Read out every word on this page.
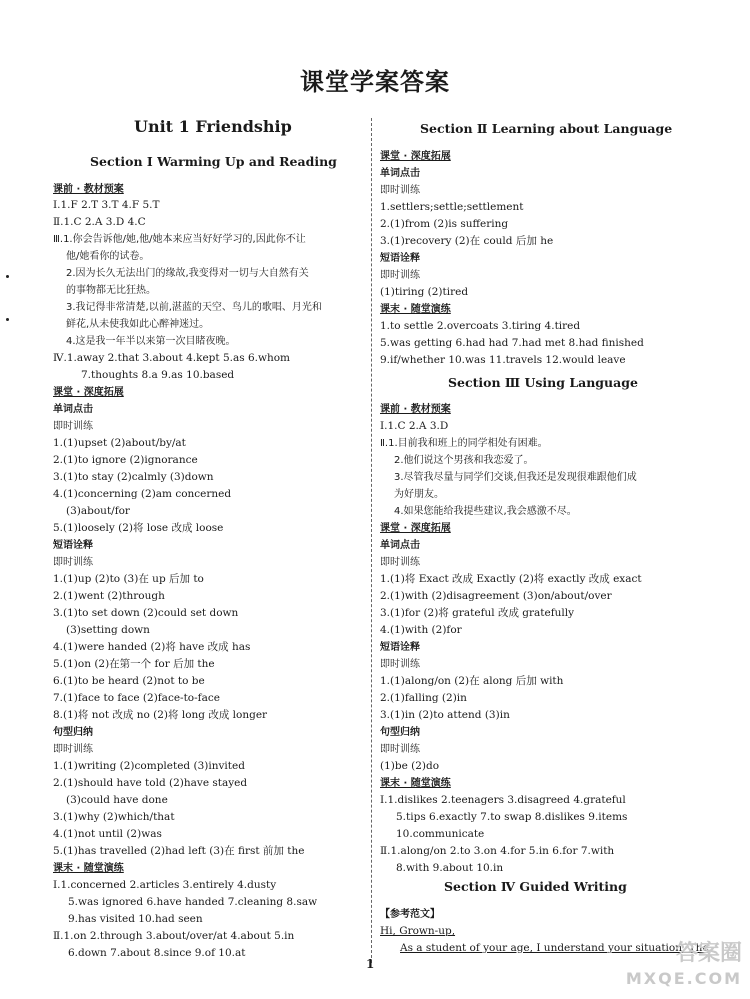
课堂学案答案
Unit 1 Friendship
Section Ⅰ Warming Up and Reading
课前 · 教材预案
Ⅰ.1.F 2.T 3.T 4.F 5.T
Ⅱ.1.C 2.A 3.D 4.C
Ⅲ.1.你会告诉他/她,他/她本来应当好好学习的,因此你不让
他/她看你的试卷。
2.因为长久无法出门的缘故,我变得对一切与大自然有关
的事物都无比狂热。
3.我记得非常清楚,以前,湛蓝的天空、鸟儿的歌唱、月光和
鲜花,从未使我如此心醉神迷过。
4.这是我一年半以来第一次目睹夜晚。
Ⅳ.1.away 2.that 3.about 4.kept 5.as 6.whom
7.thoughts 8.a 9.as 10.based
课堂 · 深度拓展
单词点击
即时训练
1.(1)upset (2)about/by/at
2.(1)to ignore (2)ignorance
3.(1)to stay (2)calmly (3)down
4.(1)concerning (2)am concerned
(3)about/for
5.(1)loosely (2)将 lose 改成 loose
短语诠释
即时训练
1.(1)up (2)to (3)在 up 后加 to
2.(1)went (2)through
3.(1)to set down (2)could set down
(3)setting down
4.(1)were handed (2)将 have 改成 has
5.(1)on (2)在第一个 for 后加 the
6.(1)to be heard (2)not to be
7.(1)face to face (2)face-to-face
8.(1)将 not 改成 no (2)将 long 改成 longer
句型归纳
即时训练
1.(1)writing (2)completed (3)invited
2.(1)should have told (2)have stayed
(3)could have done
3.(1)why (2)which/that
4.(1)not until (2)was
5.(1)has travelled (2)had left (3)在 first 前加 the
课末 · 随堂演练
Ⅰ.1.concerned 2.articles 3.entirely 4.dusty
5.was ignored 6.have handed 7.cleaning 8.saw
9.has visited 10.had seen
Ⅱ.1.on 2.through 3.about/over/at 4.about 5.in
6.down 7.about 8.since 9.of 10.at
Section Ⅱ Learning about Language
课堂 · 深度拓展
单词点击
即时训练
1.settlers;settle;settlement
2.(1)from (2)is suffering
3.(1)recovery (2)在 could 后加 he
短语诠释
即时训练
(1)tiring (2)tired
课末 · 随堂演练
1.to settle 2.overcoats 3.tiring 4.tired
5.was getting 6.had had 7.had met 8.had finished
9.if/whether 10.was 11.travels 12.would leave
Section Ⅲ Using Language
课前 · 教材预案
Ⅰ.1.C 2.A 3.D
Ⅱ.1.目前我和班上的同学相处有困难。
2.他们说这个男孩和我恋爱了。
3.尽管我尽量与同学们交谈,但我还是发现很难跟他们成
为好朋友。
4.如果您能给我提些建议,我会感激不尽。
课堂 · 深度拓展
单词点击
即时训练
1.(1)将 Exact 改成 Exactly (2)将 exactly 改成 exact
2.(1)with (2)disagreement (3)on/about/over
3.(1)for (2)将 grateful 改成 gratefully
4.(1)with (2)for
短语诠释
即时训练
1.(1)along/on (2)在 along 后加 with
2.(1)falling (2)in
3.(1)in (2)to attend (3)in
句型归纳
即时训练
(1)be (2)do
课末 · 随堂演练
Ⅰ.1.dislikes 2.teenagers 3.disagreed 4.grateful
5.tips 6.exactly 7.to swap 8.dislikes 9.items
10.communicate
Ⅱ.1.along/on 2.to 3.on 4.for 5.in 6.for 7.with
8.with 9.about 10.in
Section Ⅳ Guided Writing
【参考范文】
Hi, Grown-up,
As a student of your age, I understand your situation. The
1	答案圈
MXQE.COM
